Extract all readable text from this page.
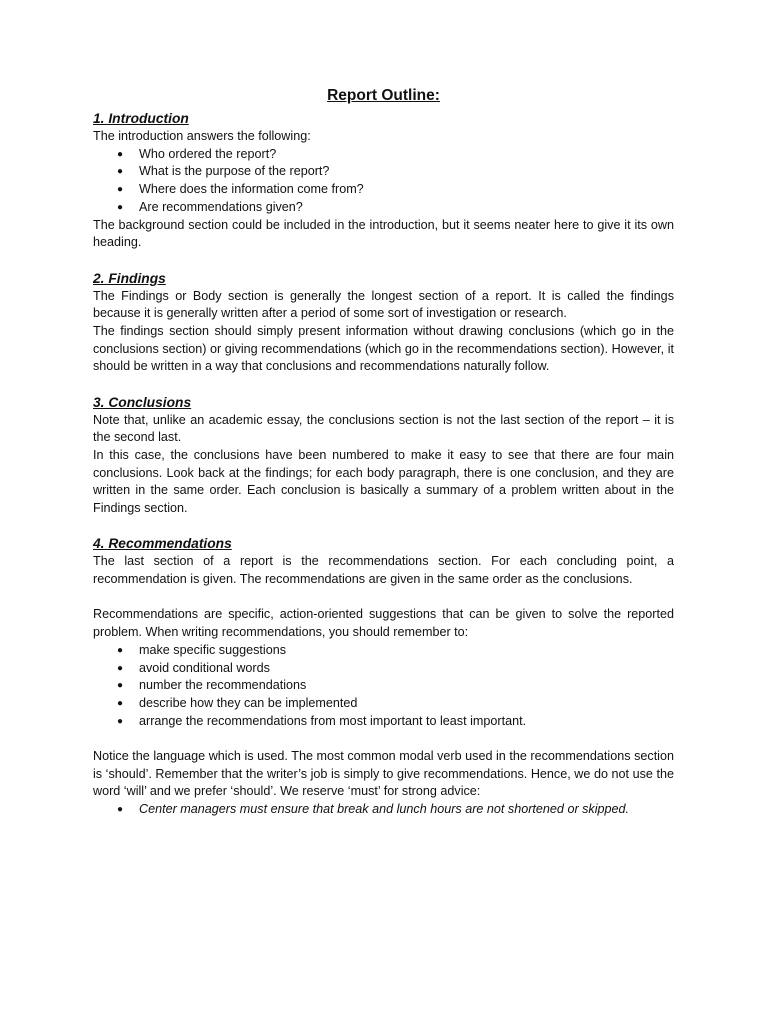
Report Outline:
1. Introduction

The introduction answers the following:

● Who ordered the report?
● What is the purpose of the report?
● Where does the information come from?
● Are recommendations given?

The background section could be included in the introduction, but it seems neater here to give it its own heading.

2. Findings

The Findings or Body section is generally the longest section of a report. It is called the findings because it is generally written after a period of some sort of investigation or research.

The findings section should simply present information without drawing conclusions (which go in the conclusions section) or giving recommendations (which go in the recommendations section). However, it should be written in a way that conclusions and recommendations naturally follow.

3. Conclusions

Note that, unlike an academic essay, the conclusions section is not the last section of the report – it is the second last.

In this case, the conclusions have been numbered to make it easy to see that there are four main conclusions. Look back at the findings; for each body paragraph, there is one conclusion, and they are written in the same order. Each conclusion is basically a summary of a problem written about in the Findings section.

4. Recommendations

The last section of a report is the recommendations section. For each concluding point, a recommendation is given. The recommendations are given in the same order as the conclusions.

Recommendations are specific, action-oriented suggestions that can be given to solve the reported problem. When writing recommendations, you should remember to:

● make specific suggestions
● avoid conditional words
● number the recommendations
● describe how they can be implemented
● arrange the recommendations from most important to least important.

Notice the language which is used. The most common modal verb used in the recommendations section is ‘should’. Remember that the writer’s job is simply to give recommendations. Hence, we do not use the word ‘will’ and we prefer ‘should’. We reserve ‘must’ for strong advice:

● Center managers must ensure that break and lunch hours are not shortened or skipped.
